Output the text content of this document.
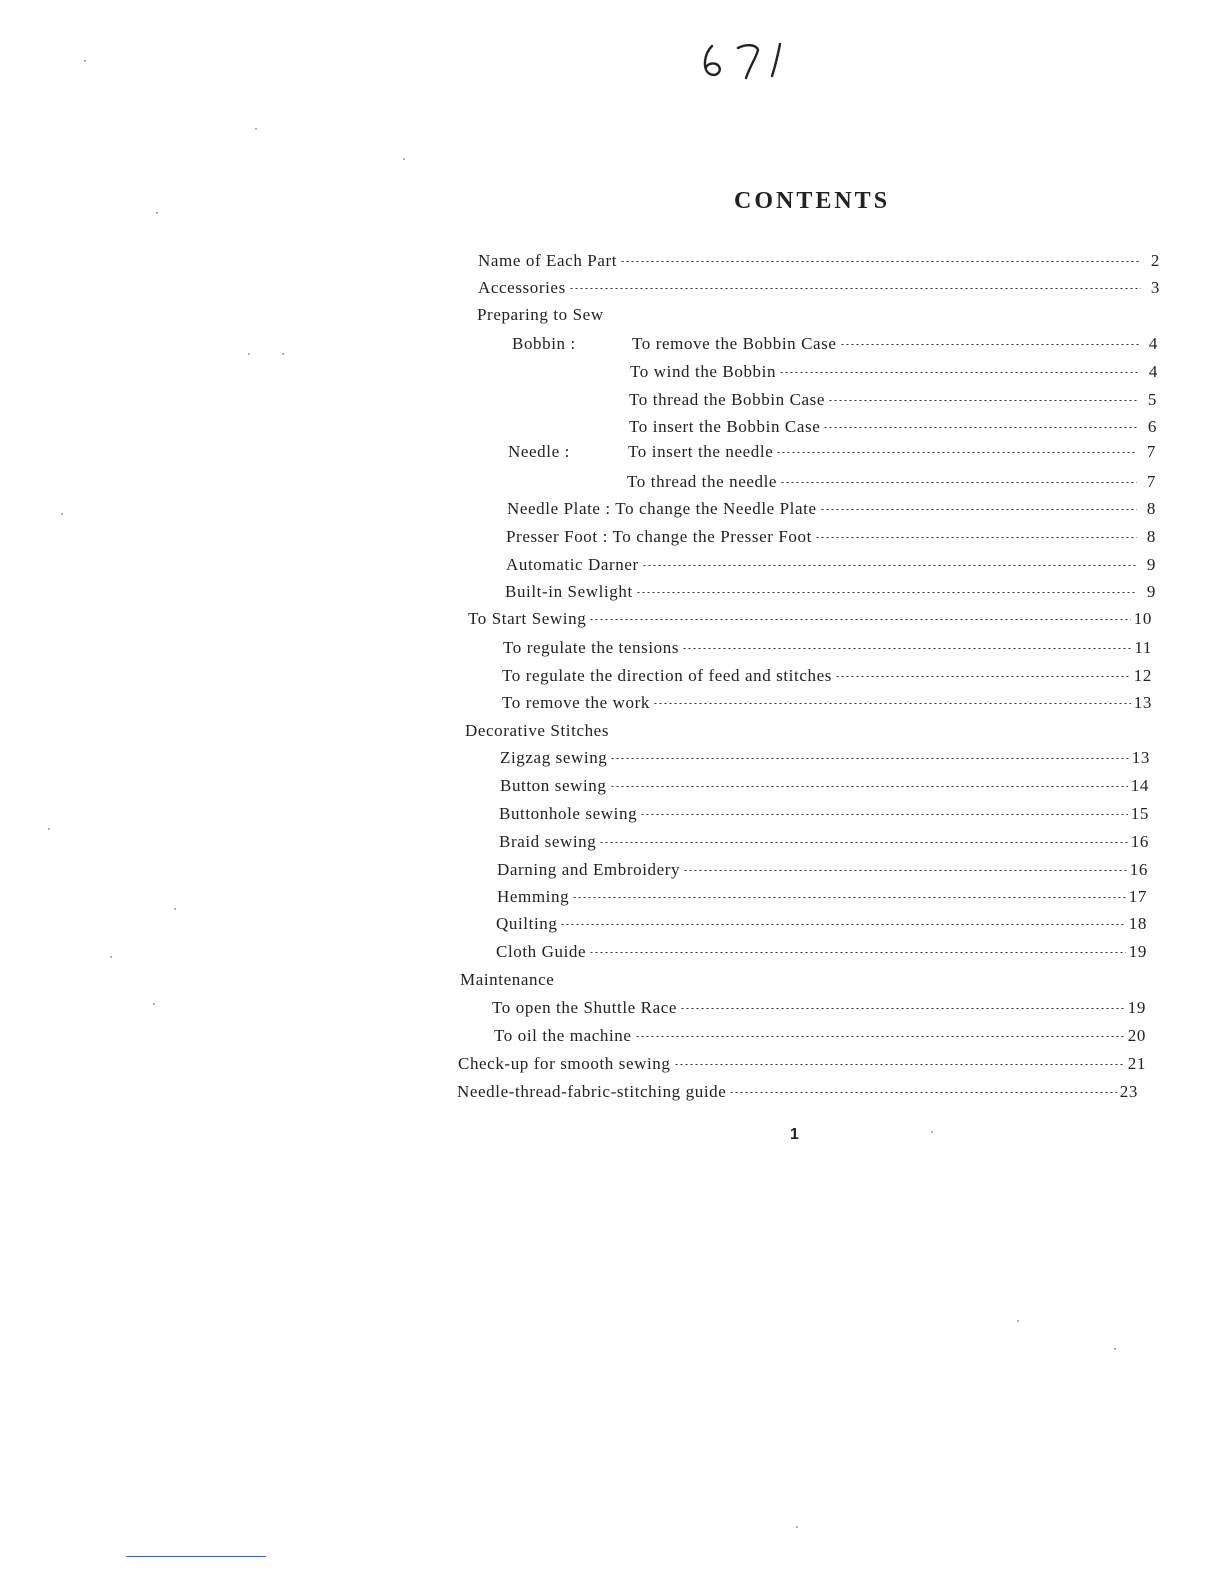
CONTENTS
Name of Each Part	2
Accessories	3
Preparing to Sew
Bobbin :	To remove the Bobbin Case	4
To wind the Bobbin	4
To thread the Bobbin Case	5
To insert the Bobbin Case	6
Needle :	To insert the needle	7
To thread the needle	7
Needle Plate : To change the Needle Plate	8
Presser Foot : To change the Presser Foot	8
Automatic Darner	9
Built-in Sewlight	9
To Start Sewing	10
To regulate the tensions	11
To regulate the direction of feed and stitches	12
To remove the work	13
Decorative Stitches
Zigzag sewing	13
Button sewing	14
Buttonhole sewing	15
Braid sewing	16
Darning and Embroidery	16
Hemming	17
Quilting	18
Cloth Guide	19
Maintenance
To open the Shuttle Race	19
To oil the machine	20
Check-up for smooth sewing	21
Needle-thread-fabric-stitching guide	23
1
